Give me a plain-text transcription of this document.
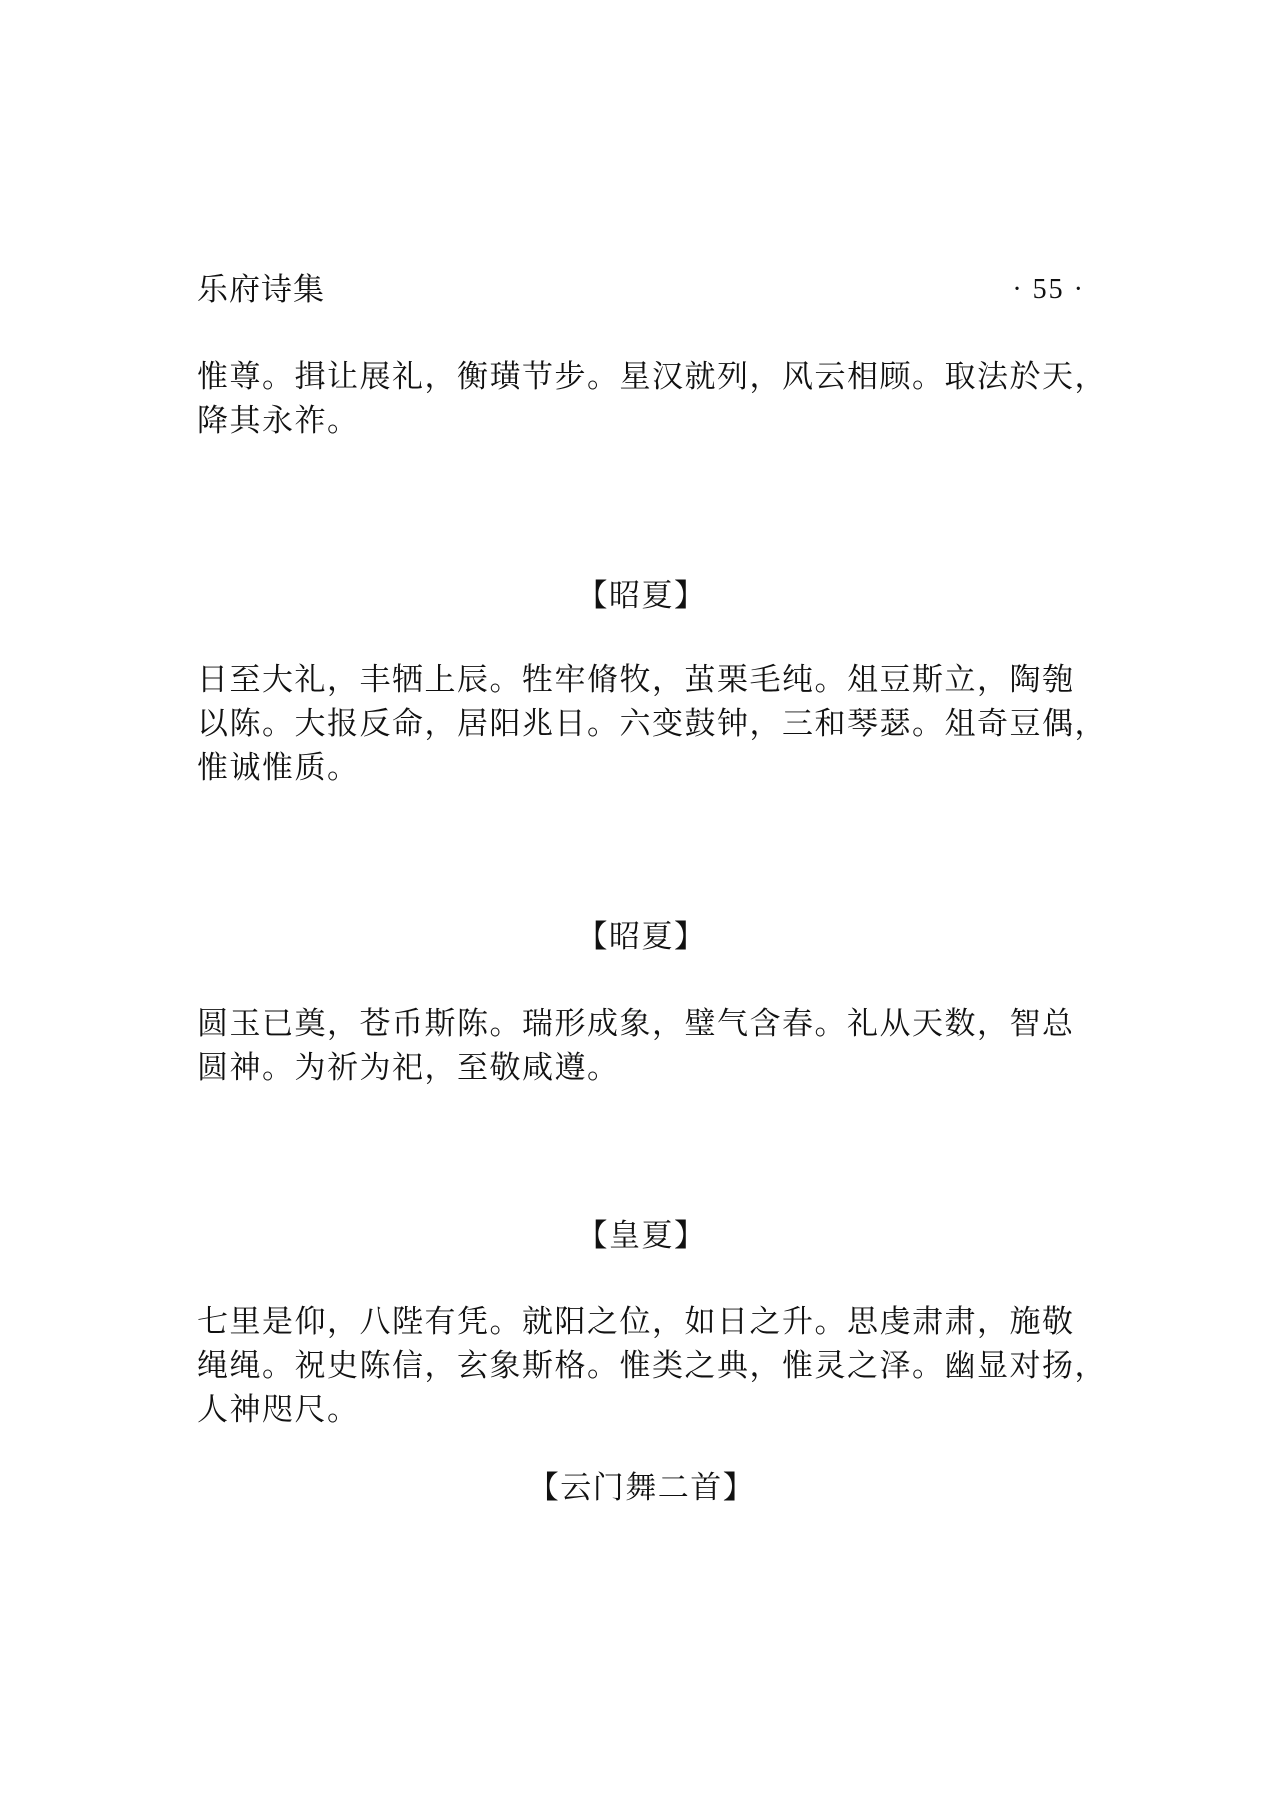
乐府诗集	· 55 ·

惟尊。揖让展礼，衡璜节步。星汉就列，风云相顾。取法於天，
降其永祚。

【昭夏】

日至大礼，丰牺上辰。牲牢脩牧，茧栗毛纯。俎豆斯立，陶匏
以陈。大报反命，居阳兆日。六变鼓钟，三和琴瑟。俎奇豆偶，
惟诚惟质。

【昭夏】

圆玉已奠，苍币斯陈。瑞形成象，璧气含春。礼从天数，智总
圆神。为祈为祀，至敬咸遵。

【皇夏】

七里是仰，八陛有凭。就阳之位，如日之升。思虔肃肃，施敬
绳绳。祝史陈信，玄象斯格。惟类之典，惟灵之泽。幽显对扬，
人神咫尺。

【云门舞二首】
